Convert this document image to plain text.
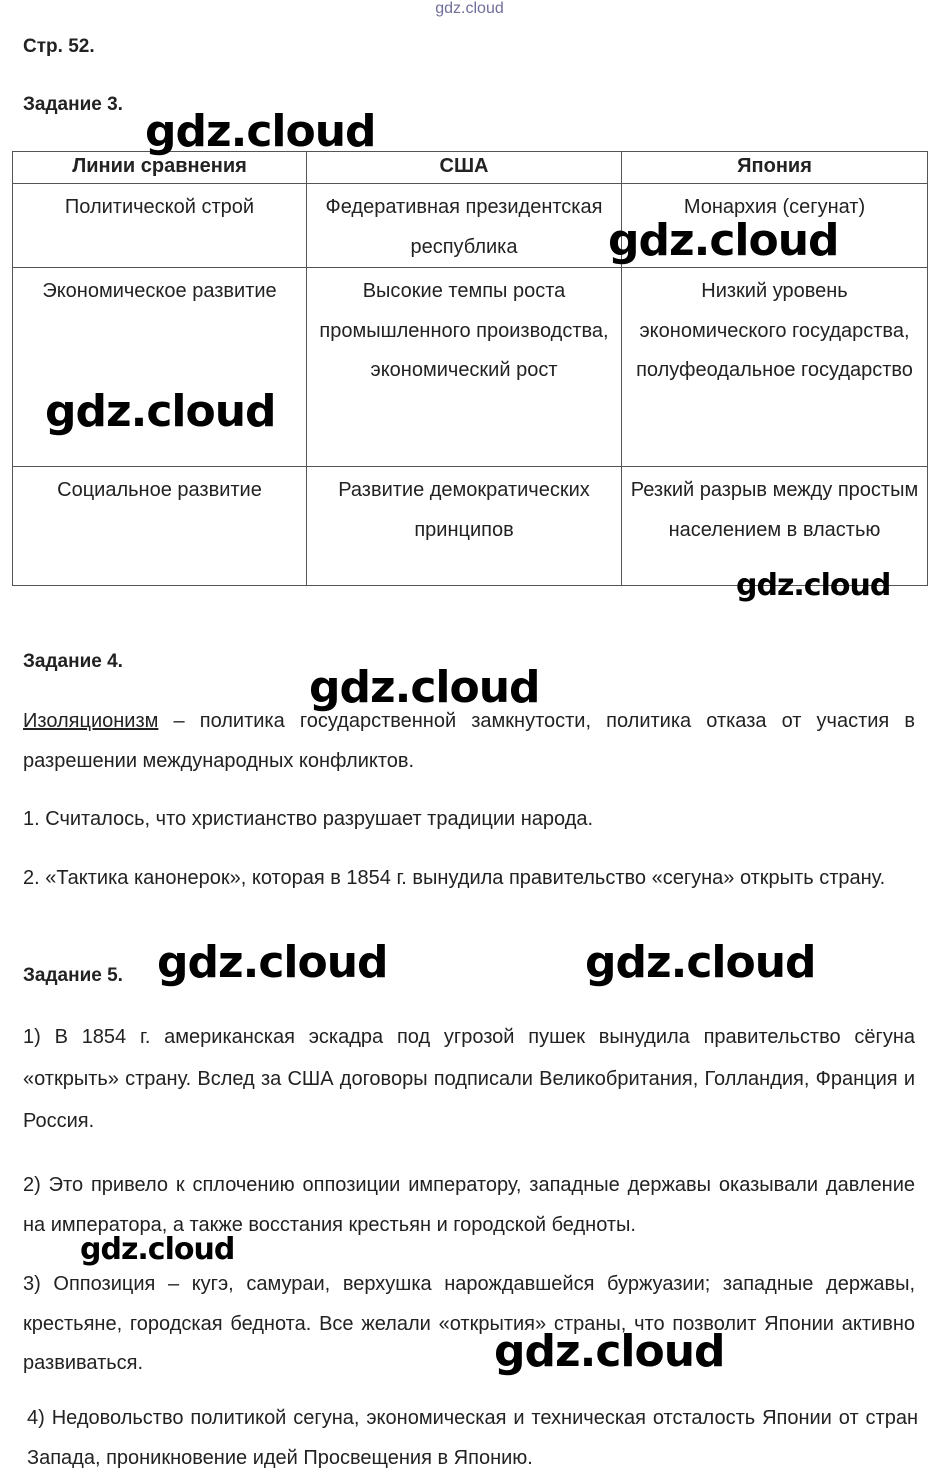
gdz.cloud
Стр. 52.
Задание 3.
Линии сравнения	США	Япония
Политической строй	Федеративная президентская республика	Монархия (сегунат)
Экономическое развитие	Высокие темпы роста промышленного производства, экономический рост	Низкий уровень экономического государства, полуфеодальное государство
Социальное развитие	Развитие демократических принципов	Резкий разрыв между простым населением в властью
Задание 4.
Изоляционизм – политика государственной замкнутости, политика отказа от участия в разрешении международных конфликтов.
1. Считалось, что христианство разрушает традиции народа.
2. «Тактика канонерок», которая в 1854 г. вынудила правительство «сегуна» открыть страну.
Задание 5.
1) В 1854 г. американская эскадра под угрозой пушек вынудила правительство сёгуна «открыть» страну. Вслед за США договоры подписали Великобритания, Голландия, Франция и Россия.
2) Это привело к сплочению оппозиции императору, западные державы оказывали давление на императора, а также восстания крестьян и городской бедноты.
3) Оппозиция – кугэ, самураи, верхушка нарождавшейся буржуазии; западные державы, крестьяне, городская беднота. Все желали «открытия» страны, что позволит Японии активно развиваться.
4) Недовольство политикой сегуна, экономическая и техническая отсталость Японии от стран Запада, проникновение идей Просвещения в Японию.
gdz.cloud
gdz.cloud
gdz.cloud
gdz.cloud
gdz.cloud
gdz.cloud	gdz.cloud
gdz.cloud
gdz.cloud
